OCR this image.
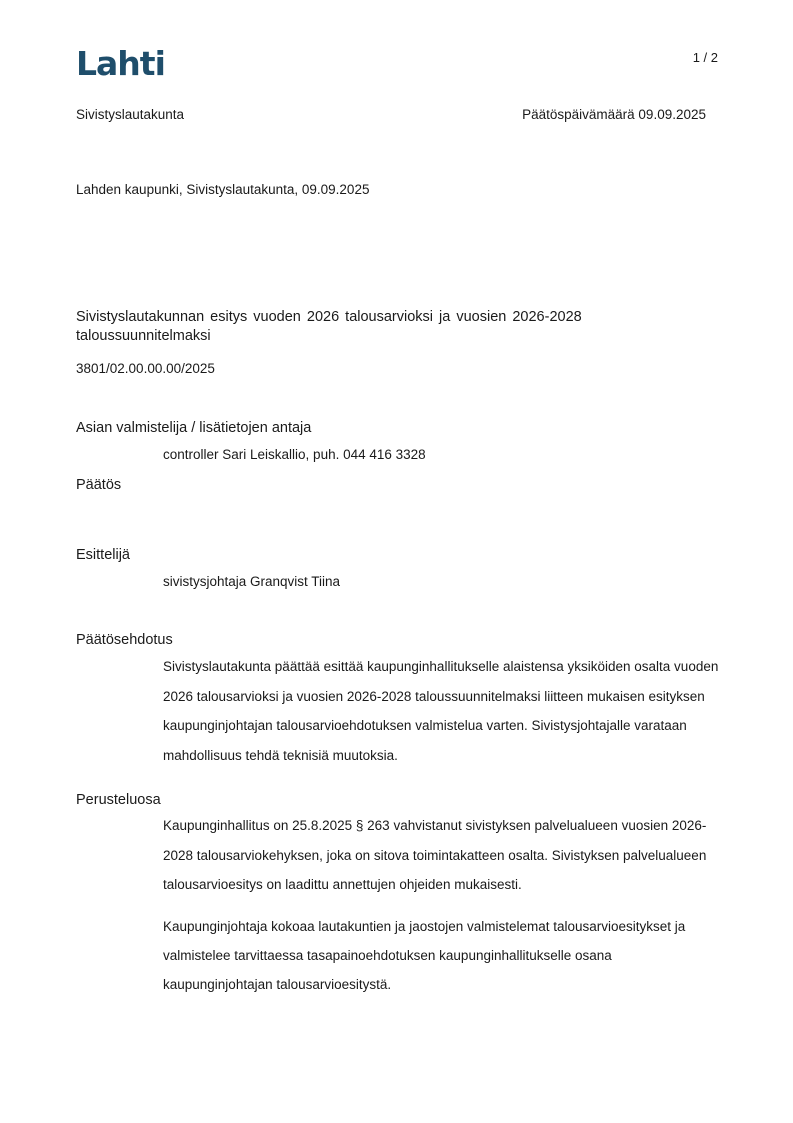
Lahti	1 / 2
Sivistyslautakunta	Päätöspäivämäärä 09.09.2025
Lahden kaupunki, Sivistyslautakunta, 09.09.2025
Sivistyslautakunnan esitys vuoden 2026 talousarvioksi ja vuosien 2026-2028 taloussuunnitelmaksi
3801/02.00.00.00/2025
Asian valmistelija / lisätietojen antaja
controller Sari Leiskallio, puh. 044 416 3328
Päätös
Esittelijä
sivistysjohtaja Granqvist Tiina
Päätösehdotus
Sivistyslautakunta päättää esittää kaupunginhallitukselle alaistensa yksiköiden osalta vuoden 2026 talousarvioksi ja vuosien 2026-2028 taloussuunnitelmaksi liitteen mukaisen esityksen kaupunginjohtajan talousarvioehdotuksen valmistelua varten. Sivistysjohtajalle varataan mahdollisuus tehdä teknisiä muutoksia.
Perusteluosa
Kaupunginhallitus on 25.8.2025 § 263 vahvistanut sivistyksen palvelualueen vuosien 2026-2028 talousarviokehyksen, joka on sitova toimintakatteen osalta. Sivistyksen palvelualueen talousarvioesitys on laadittu annettujen ohjeiden mukaisesti.
Kaupunginjohtaja kokoaa lautakuntien ja jaostojen valmistelemat talousarvioesitykset ja valmistelee tarvittaessa tasapainoehdotuksen kaupunginhallitukselle osana kaupunginjohtajan talousarvioesitystä.
